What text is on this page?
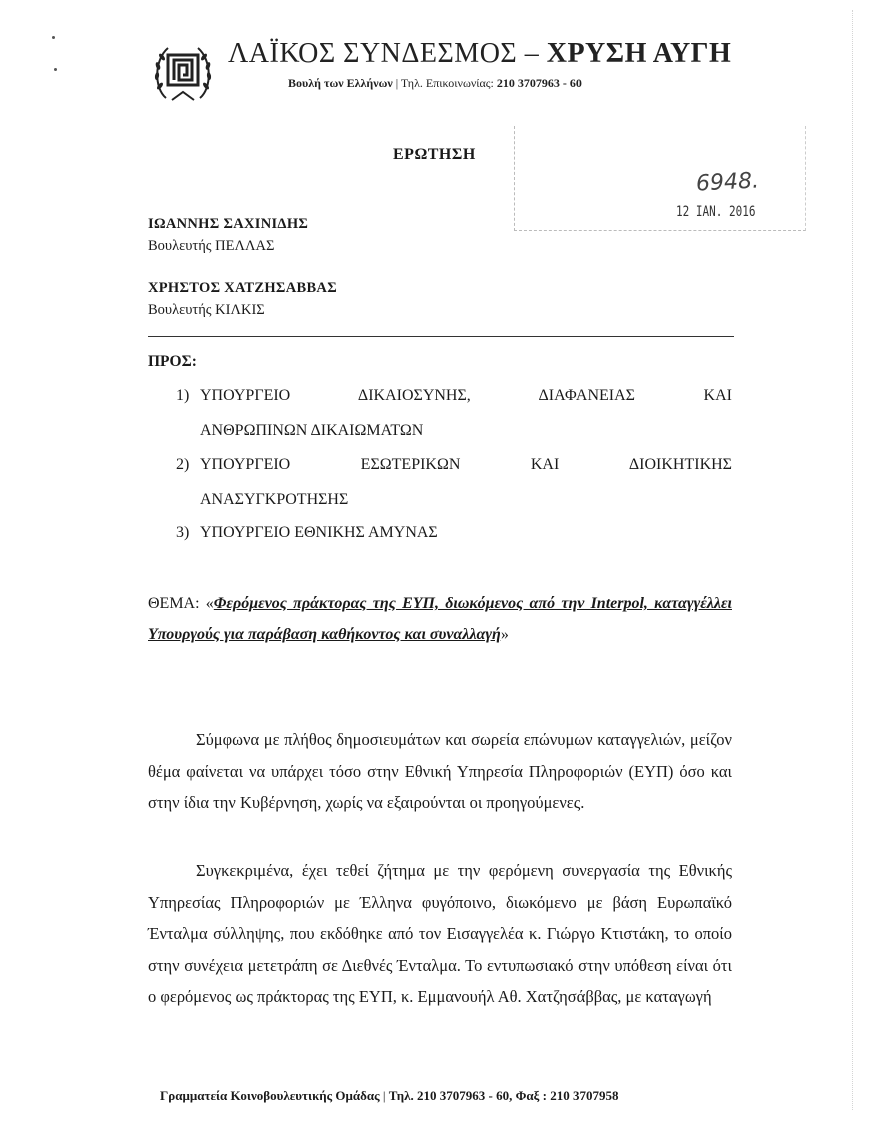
ΛΑΪΚΟΣ ΣΥΝΔΕΣΜΟΣ – ΧΡΥΣΗ ΑΥΓΗ
Βουλή των Ελλήνων | Τηλ. Επικοινωνίας: 210 3707963 - 60
ΕΡΩΤΗΣΗ
6948.
12 ΙΑΝ. 2016
ΙΩΑΝΝΗΣ ΣΑΧΙΝΙΔΗΣ
Βουλευτής ΠΕΛΛΑΣ
ΧΡΗΣΤΟΣ ΧΑΤΖΗΣΑΒΒΑΣ
Βουλευτής ΚΙΛΚΙΣ
ΠΡΟΣ:
1) ΥΠΟΥΡΓΕΙΟ ΔΙΚΑΙΟΣΥΝΗΣ, ΔΙΑΦΑΝΕΙΑΣ ΚΑΙ
ΑΝΘΡΩΠΙΝΩΝ ΔΙΚΑΙΩΜΑΤΩΝ
2) ΥΠΟΥΡΓΕΙΟ ΕΣΩΤΕΡΙΚΩΝ ΚΑΙ ΔΙΟΙΚΗΤΙΚΗΣ
ΑΝΑΣΥΓΚΡΟΤΗΣΗΣ
3) ΥΠΟΥΡΓΕΙΟ ΕΘΝΙΚΗΣ ΑΜΥΝΑΣ
ΘΕΜΑ: «Φερόμενος πράκτορας της ΕΥΠ, διωκόμενος από την Interpol, καταγγέλλει Υπουργούς για παράβαση καθήκοντος και συναλλαγή»
Σύμφωνα με πλήθος δημοσιευμάτων και σωρεία επώνυμων καταγγελιών, μείζον θέμα φαίνεται να υπάρχει τόσο στην Εθνική Υπηρεσία Πληροφοριών (ΕΥΠ) όσο και στην ίδια την Κυβέρνηση, χωρίς να εξαιρούνται οι προηγούμενες.
Συγκεκριμένα, έχει τεθεί ζήτημα με την φερόμενη συνεργασία της Εθνικής Υπηρεσίας Πληροφοριών με Έλληνα φυγόποινο, διωκόμενο με βάση Ευρωπαϊκό Ένταλμα σύλληψης, που εκδόθηκε από τον Εισαγγελέα κ. Γιώργο Κτιστάκη, το οποίο στην συνέχεια μετετράπη σε Διεθνές Ένταλμα. Το εντυπωσιακό στην υπόθεση είναι ότι ο φερόμενος ως πράκτορας της ΕΥΠ, κ. Εμμανουήλ Αθ. Χατζησάββας, με καταγωγή
Γραμματεία Κοινοβουλευτικής Ομάδας | Τηλ. 210 3707963 - 60, Φαξ : 210 3707958
